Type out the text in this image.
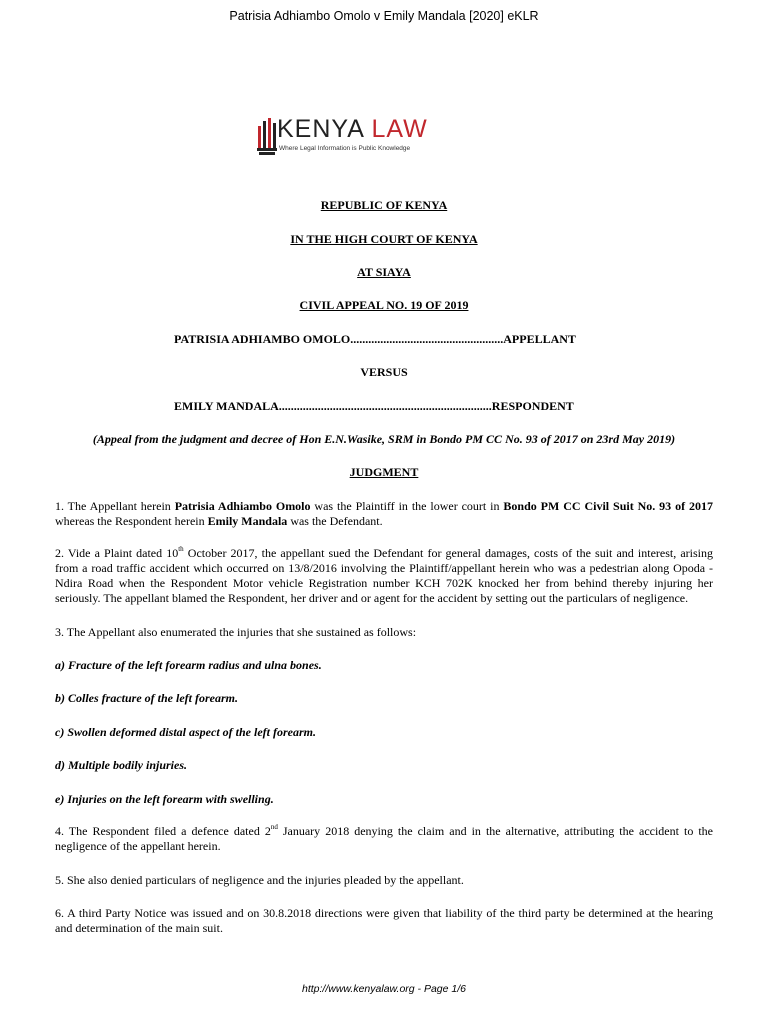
Patrisia Adhiambo Omolo v Emily Mandala [2020] eKLR
KENYA LAW
Where Legal Information is Public Knowledge
REPUBLIC OF KENYA
IN THE HIGH COURT OF KENYA
AT SIAYA
CIVIL APPEAL NO. 19 OF 2019
PATRISIA ADHIAMBO OMOLO...................................................APPELLANT
VERSUS
EMILY MANDALA.......................................................................RESPONDENT
(Appeal from the judgment and decree of Hon E.N.Wasike, SRM in Bondo PM CC No. 93 of 2017 on 23rd May 2019)
JUDGMENT
1. The Appellant herein Patrisia Adhiambo Omolo was the Plaintiff in the lower court in Bondo PM CC Civil Suit No. 93 of 2017 whereas the Respondent herein Emily Mandala was the Defendant.
2. Vide a Plaint dated 10th October 2017, the appellant sued the Defendant for general damages, costs of the suit and interest, arising from a road traffic accident which occurred on 13/8/2016 involving the Plaintiff/appellant herein who was a pedestrian along Opoda - Ndira Road when the Respondent Motor vehicle Registration number KCH 702K knocked her from behind thereby injuring her seriously. The appellant blamed the Respondent, her driver and or agent for the accident by setting out the particulars of negligence.
3. The Appellant also enumerated the injuries that she sustained as follows:
a) Fracture of the left forearm radius and ulna bones.
b) Colles fracture of the left forearm.
c) Swollen deformed distal aspect of the left forearm.
d) Multiple bodily injuries.
e) Injuries on the left forearm with swelling.
4. The Respondent filed a defence dated 2nd January 2018 denying the claim and in the alternative, attributing the accident to the negligence of the appellant herein.
5. She also denied particulars of negligence and the injuries pleaded by the appellant.
6. A third Party Notice was issued and on 30.8.2018 directions were given that liability of the third party be determined at the hearing and determination of the main suit.
http://www.kenyalaw.org - Page 1/6
